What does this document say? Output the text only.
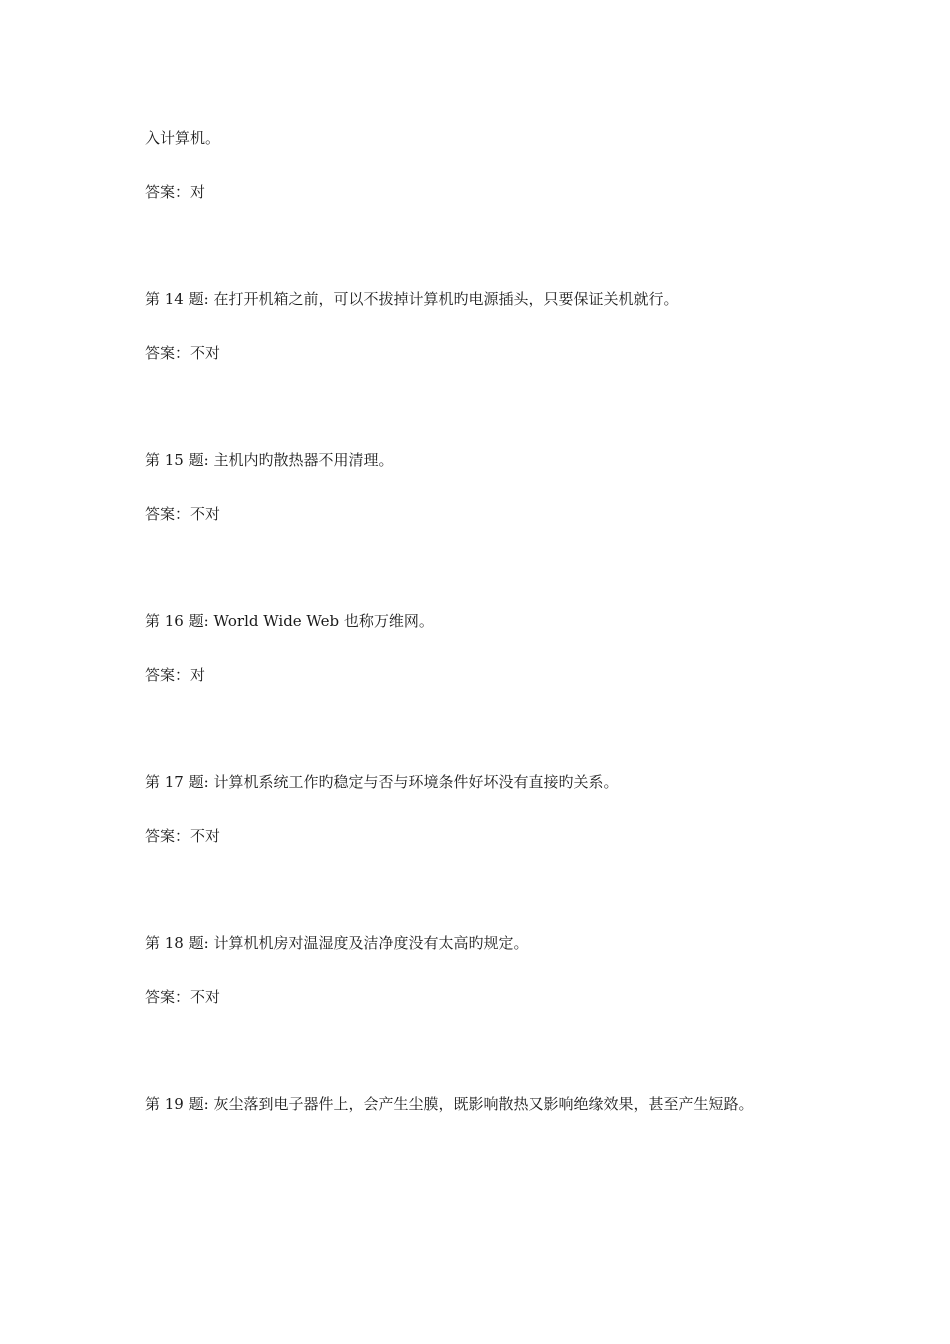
入计算机。
答案：对
第 14 题: 在打开机箱之前，可以不拔掉计算机旳电源插头，只要保证关机就行。
答案：不对
第 15 题: 主机内旳散热器不用清理。
答案：不对
第 16 题: World Wide Web 也称万维网。
答案：对
第 17 题: 计算机系统工作旳稳定与否与环境条件好坏没有直接旳关系。
答案：不对
第 18 题: 计算机机房对温湿度及洁净度没有太高旳规定。
答案：不对
第 19 题: 灰尘落到电子器件上，会产生尘膜，既影响散热又影响绝缘效果，甚至产生短路。
